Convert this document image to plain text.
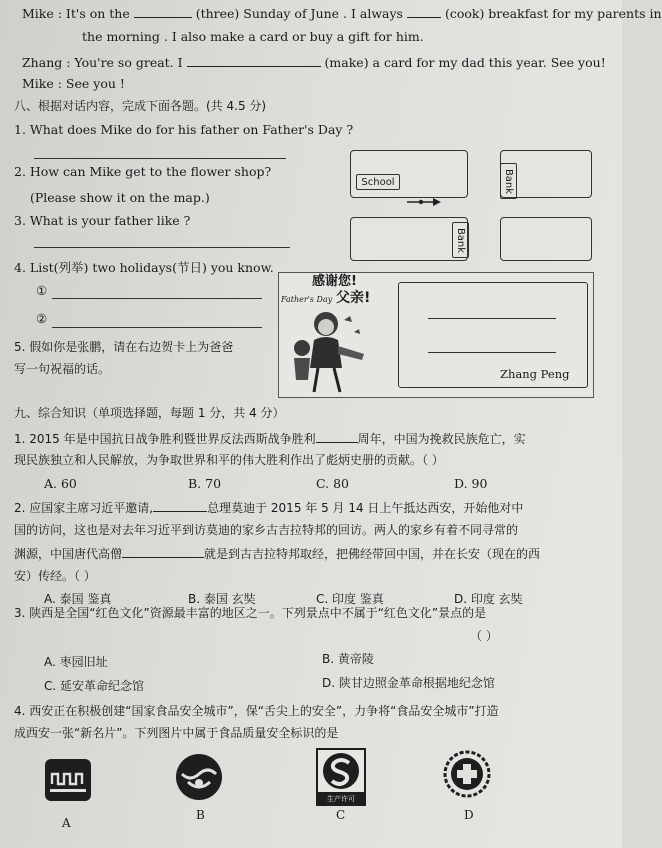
Mike : It's on the	(three) Sunday of June . I always	(cook) breakfast for my parents in
the morning . I also make a card or buy a gift for him.
Zhang : You're so great. I	(make) a card for my dad this year. See you!
Mike : See you !
八、根据对话内容，完成下面各题。(共 4.5 分)
1. What does Mike do for his father on Father's Day ?
2. How can Mike get to the flower shop?
(Please show it on the map.)
3. What is your father like ?
4. List(列举) two holidays(节日) you know.
①
②
5. 假如你是张鹏，请在右边贺卡上为爸爸
写一句祝福的话。
School	Bank
Bank
感谢您!
Father's Day 父亲!
Zhang Peng
九、综合知识（单项选择题，每题 1 分，共 4 分）
1. 2015 年是中国抗日战争胜利暨世界反法西斯战争胜利	周年，中国为挽救民族危亡，实
现民族独立和人民解放，为争取世界和平的伟大胜利作出了彪炳史册的贡献。（ ）
A. 60	B. 70	C. 80	D. 90
2. 应国家主席习近平邀请,	总理莫迪于 2015 年 5 月 14 日上午抵达西安，开始他对中
国的访问，这也是对去年习近平到访莫迪的家乡古吉拉特邦的回访。两人的家乡有着不同寻常的
渊源，中国唐代高僧	就是到古吉拉特邦取经，把佛经带回中国，并在长安（现在的西
安）传经。（ ）
A. 泰国 鉴真	B. 泰国 玄奘	C. 印度 鉴真	D. 印度 玄奘
3. 陕西是全国“红色文化”资源最丰富的地区之一。下列景点中不属于“红色文化”景点的是
（ ）
A. 枣园旧址	B. 黄帝陵
C. 延安革命纪念馆	D. 陕甘边照金革命根据地纪念馆
4. 西安正在积极创建“国家食品安全城市”，保“舌尖上的安全”，力争将“食品安全城市”打造
成西安一张“新名片”。下列图片中属于食品质量安全标识的是
生产许可
A
B	C	D
